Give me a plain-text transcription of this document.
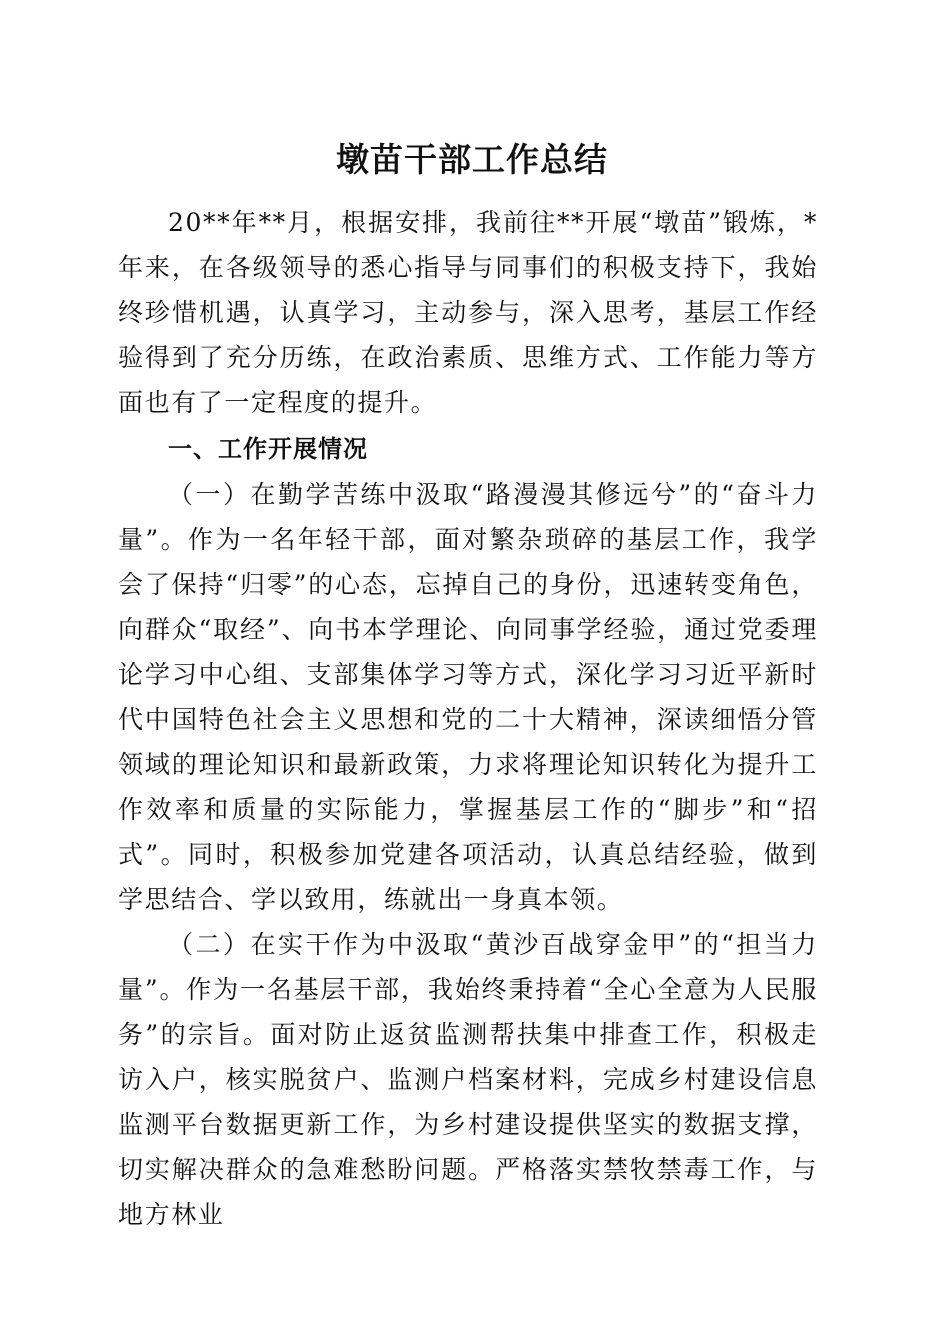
墩苗干部工作总结

20**年**月，根据安排，我前往**开展“墩苗”锻炼，*年来，在各级领导的悉心指导与同事们的积极支持下，我始终珍惜机遇，认真学习，主动参与，深入思考，基层工作经验得到了充分历练，在政治素质、思维方式、工作能力等方面也有了一定程度的提升。

一、工作开展情况

（一）在勤学苦练中汲取“路漫漫其修远兮”的“奋斗力量”。作为一名年轻干部，面对繁杂琐碎的基层工作，我学会了保持“归零”的心态，忘掉自己的身份，迅速转变角色，向群众“取经”、向书本学理论、向同事学经验，通过党委理论学习中心组、支部集体学习等方式，深化学习习近平新时代中国特色社会主义思想和党的二十大精神，深读细悟分管领域的理论知识和最新政策，力求将理论知识转化为提升工作效率和质量的实际能力，掌握基层工作的“脚步”和“招式”。同时，积极参加党建各项活动，认真总结经验，做到学思结合、学以致用，练就出一身真本领。

（二）在实干作为中汲取“黄沙百战穿金甲”的“担当力量”。作为一名基层干部，我始终秉持着“全心全意为人民服务”的宗旨。面对防止返贫监测帮扶集中排查工作，积极走访入户，核实脱贫户、监测户档案材料，完成乡村建设信息监测平台数据更新工作，为乡村建设提供坚实的数据支撑，切实解决群众的急难愁盼问题。严格落实禁牧禁毒工作，与地方林业
